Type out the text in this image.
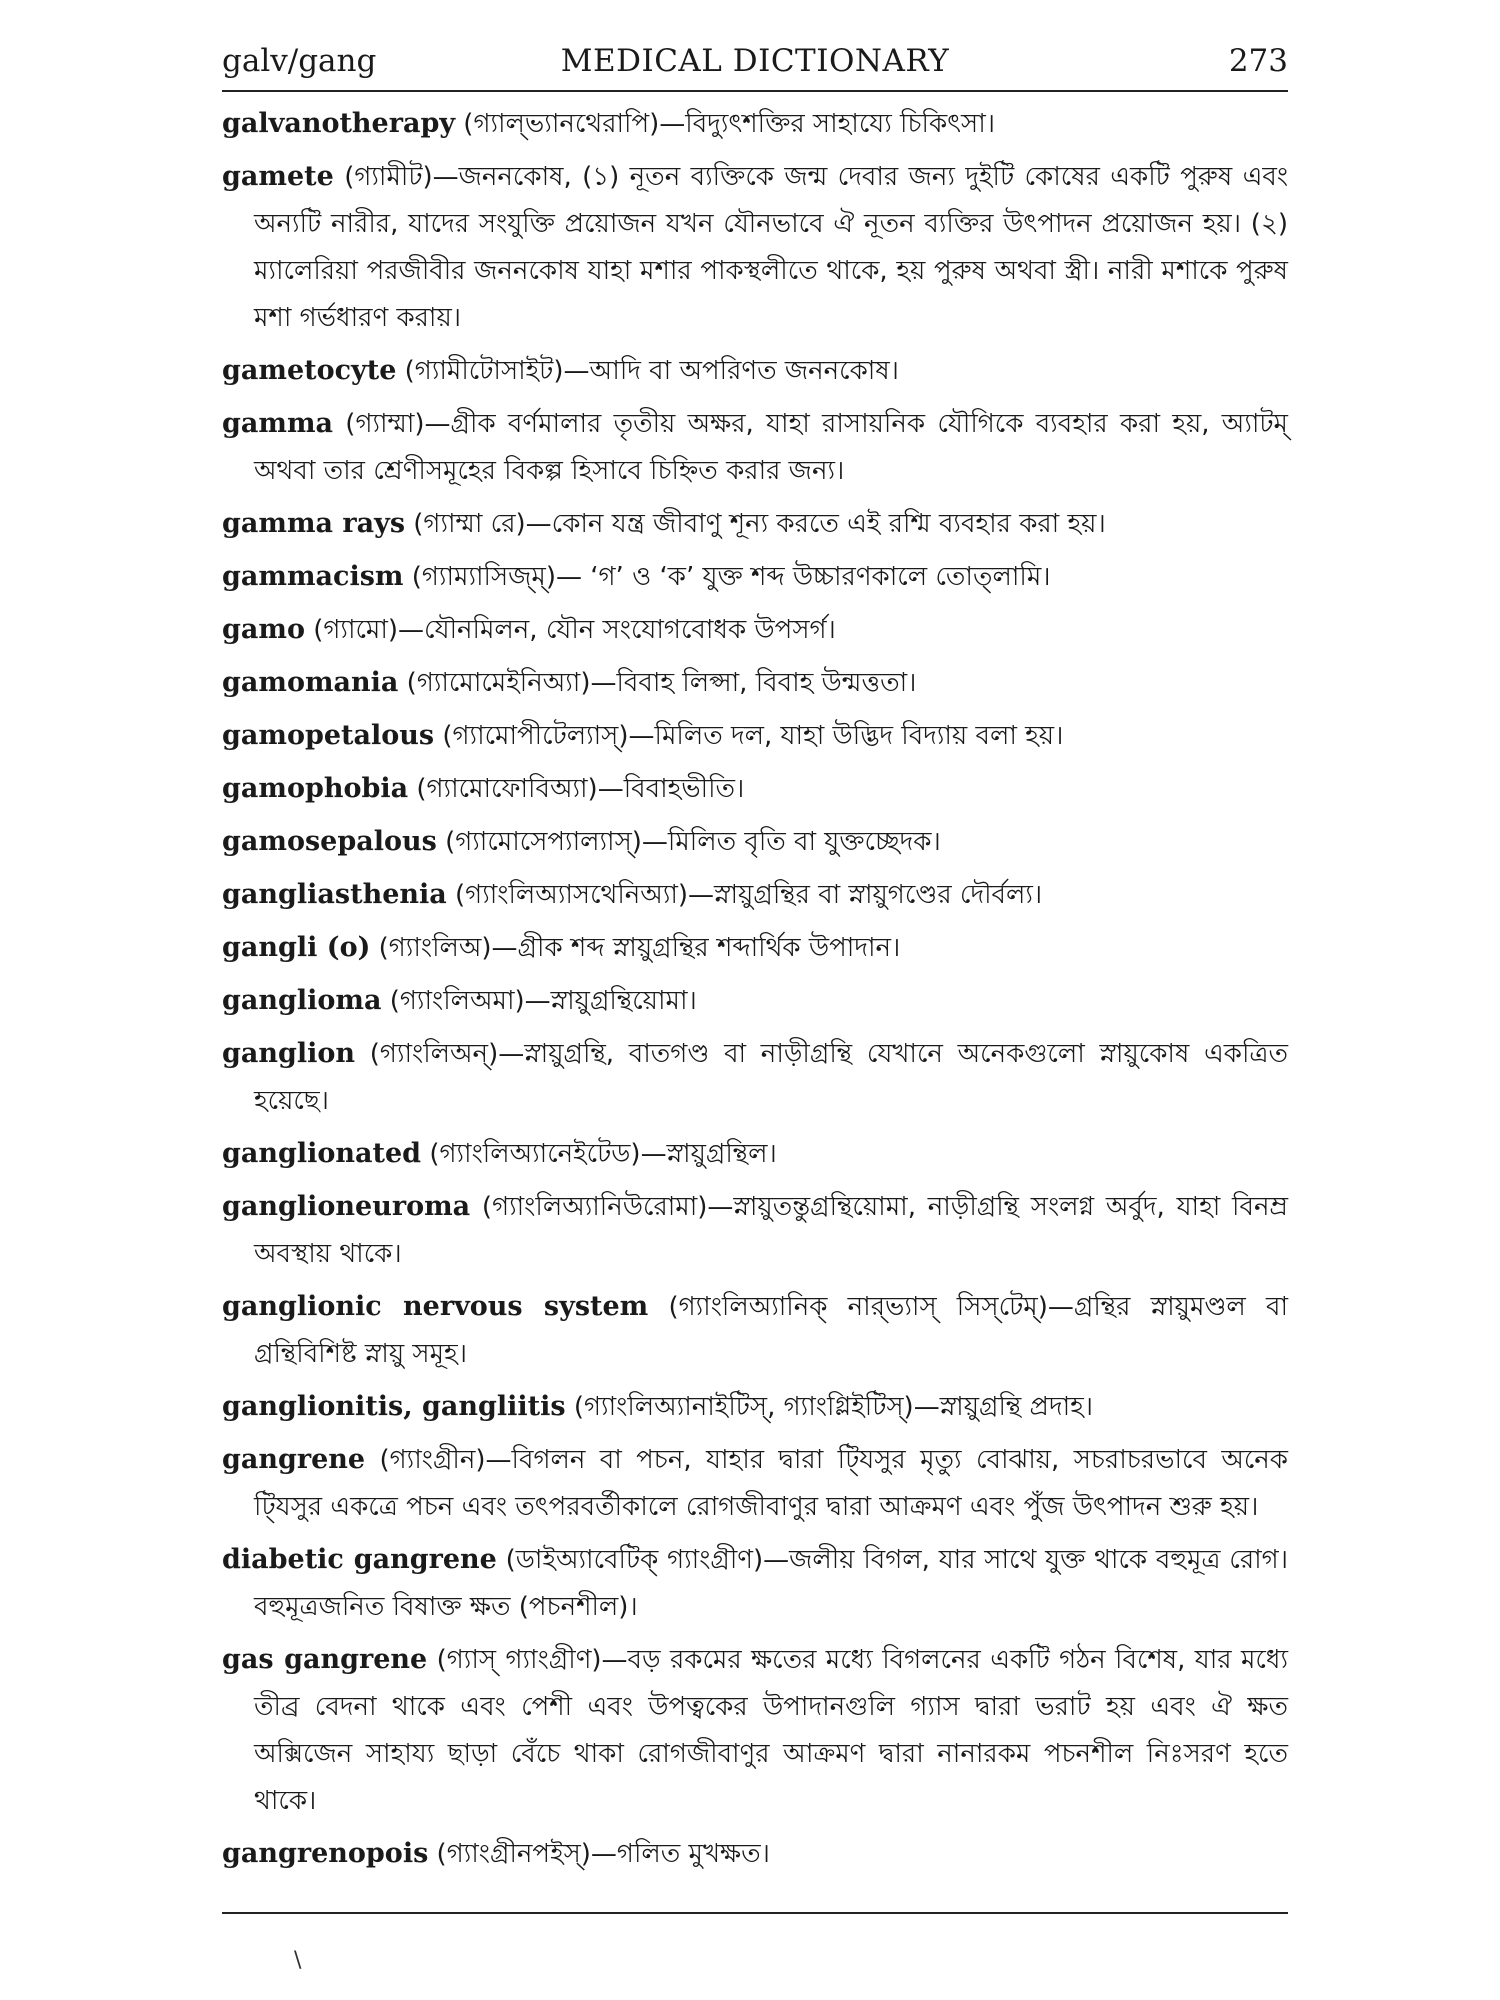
galv/gang	MEDICAL DICTIONARY	273

galvanotherapy (গ্যাল্ভ্যানথেরাপি)—বিদ্যুৎশক্তির সাহায্যে চিকিৎসা।

gamete (গ্যামীট)—জননকোষ, (১) নূতন ব্যক্তিকে জন্ম দেবার জন্য দুইটি কোষের একটি পুরুষ এবং অন্যটি নারীর, যাদের সংযুক্তি প্রয়োজন যখন যৌনভাবে ঐ নূতন ব্যক্তির উৎপাদন প্রয়োজন হয়। (২) ম্যালেরিয়া পরজীবীর জননকোষ যাহা মশার পাকস্থলীতে থাকে, হয় পুরুষ অথবা স্ত্রী। নারী মশাকে পুরুষ মশা গর্ভধারণ করায়।

gametocyte (গ্যামীটোসাইট)—আদি বা অপরিণত জননকোষ।

gamma (গ্যাম্মা)—গ্রীক বর্ণমালার তৃতীয় অক্ষর, যাহা রাসায়নিক যৌগিকে ব্যবহার করা হয়, অ্যাটম্ অথবা তার শ্রেণীসমূহের বিকল্প হিসাবে চিহ্নিত করার জন্য।

gamma rays (গ্যাম্মা রে)—কোন যন্ত্র জীবাণু শূন্য করতে এই রশ্মি ব্যবহার করা হয়।

gammacism (গ্যাম্যাসিজ্‌ম্)— ‘গ’ ও ‘ক’ যুক্ত শব্দ উচ্চারণকালে তোত্‌লামি।

gamo (গ্যামো)—যৌনমিলন, যৌন সংযোগবোধক উপসর্গ।

gamomania (গ্যামোমেইনিঅ্যা)—বিবাহ লিপ্সা, বিবাহ উন্মত্ততা।

gamopetalous (গ্যামোপীটেল্যাস্)—মিলিত দল, যাহা উদ্ভিদ বিদ্যায় বলা হয়।

gamophobia (গ্যামোফোবিঅ্যা)—বিবাহভীতি।

gamosepalous (গ্যামোসেপ্যাল্যাস্)—মিলিত বৃতি বা যুক্তচ্ছেদক।

gangliasthenia (গ্যাংলিঅ্যাসথেনিঅ্যা)—স্নায়ুগ্রন্থির বা স্নায়ুগণ্ডের দৌর্বল্য।

gangli (o) (গ্যাংলিঅ)—গ্রীক শব্দ স্নায়ুগ্রন্থির শব্দার্থিক উপাদান।

ganglioma (গ্যাংলিঅমা)—স্নায়ুগ্রন্থিয়োমা।

ganglion (গ্যাংলিঅন্)—স্নায়ুগ্রন্থি, বাতগণ্ড বা নাড়ীগ্রন্থি যেখানে অনেকগুলো স্নায়ুকোষ একত্রিত হয়েছে।

ganglionated (গ্যাংলিঅ্যানেইটেড)—স্নায়ুগ্রন্থিল।

ganglioneuroma (গ্যাংলিঅ্যানিউরোমা)—স্নায়ুতন্তুগ্রন্থিয়োমা, নাড়ীগ্রন্থি সংলগ্ন অর্বুদ, যাহা বিনম্র অবস্থায় থাকে।

ganglionic nervous system (গ্যাংলিঅ্যানিক্ নার্‌ভ্যাস্ সিস্‌টেম্)—গ্রন্থির স্নায়ুমণ্ডল বা গ্রন্থিবিশিষ্ট স্নায়ু সমূহ।

ganglionitis, gangliitis (গ্যাংলিঅ্যানাইটিস্, গ্যাংগ্লিইটিস্)—স্নায়ুগ্রন্থি প্রদাহ।

gangrene (গ্যাংগ্রীন)—বিগলন বা পচন, যাহার দ্বারা টি্যসুর মৃত্যু বোঝায়, সচরাচরভাবে অনেক টি্যসুর একত্রে পচন এবং তৎপরবর্তীকালে রোগজীবাণুর দ্বারা আক্রমণ এবং পুঁজ উৎপাদন শুরু হয়।

diabetic gangrene (ডাইঅ্যাবেটিক্ গ্যাংগ্রীণ)—জলীয় বিগল, যার সাথে যুক্ত থাকে বহুমূত্র রোগ। বহুমূত্রজনিত বিষাক্ত ক্ষত (পচনশীল)।

gas gangrene (গ্যাস্ গ্যাংগ্রীণ)—বড় রকমের ক্ষতের মধ্যে বিগলনের একটি গঠন বিশেষ, যার মধ্যে তীব্র বেদনা থাকে এবং পেশী এবং উপত্বকের উপাদানগুলি গ্যাস দ্বারা ভরাট হয় এবং ঐ ক্ষত অক্সিজেন সাহায্য ছাড়া বেঁচে থাকা রোগজীবাণুর আক্রমণ দ্বারা নানারকম পচনশীল নিঃসরণ হতে থাকে।

gangrenopois (গ্যাংগ্রীনপইস্)—গলিত মুখক্ষত।

\
